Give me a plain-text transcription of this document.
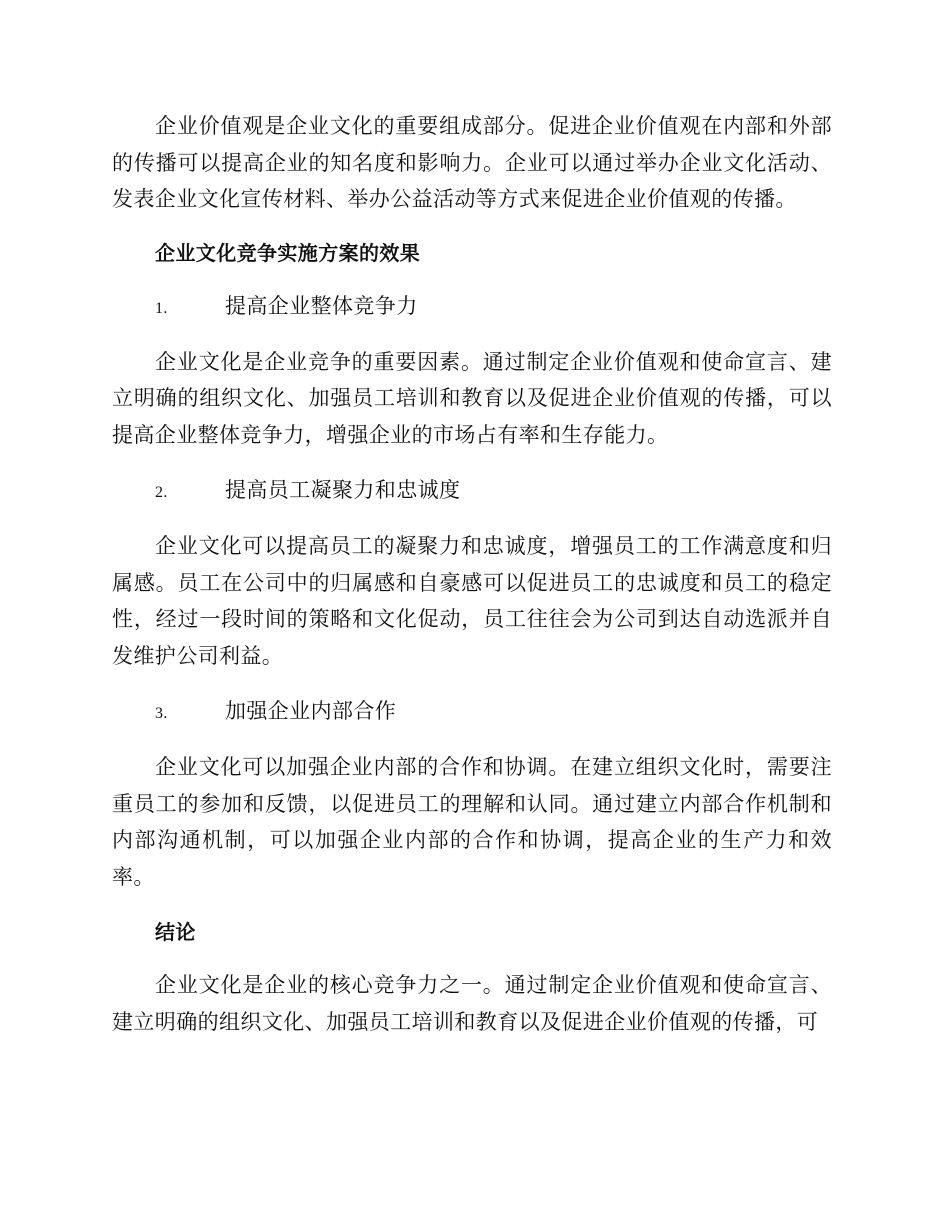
企业价值观是企业文化的重要组成部分。促进企业价值观在内部和外部的传播可以提高企业的知名度和影响力。企业可以通过举办企业文化活动、发表企业文化宣传材料、举办公益活动等方式来促进企业价值观的传播。

企业文化竞争实施方案的效果

1.	提高企业整体竞争力

企业文化是企业竞争的重要因素。通过制定企业价值观和使命宣言、建立明确的组织文化、加强员工培训和教育以及促进企业价值观的传播，可以提高企业整体竞争力，增强企业的市场占有率和生存能力。

2.	提高员工凝聚力和忠诚度

企业文化可以提高员工的凝聚力和忠诚度，增强员工的工作满意度和归属感。员工在公司中的归属感和自豪感可以促进员工的忠诚度和员工的稳定性，经过一段时间的策略和文化促动，员工往往会为公司到达自动选派并自发维护公司利益。

3.	加强企业内部合作

企业文化可以加强企业内部的合作和协调。在建立组织文化时，需要注重员工的参加和反馈，以促进员工的理解和认同。通过建立内部合作机制和内部沟通机制，可以加强企业内部的合作和协调，提高企业的生产力和效率。

结论

企业文化是企业的核心竞争力之一。通过制定企业价值观和使命宣言、建立明确的组织文化、加强员工培训和教育以及促进企业价值观的传播，可
